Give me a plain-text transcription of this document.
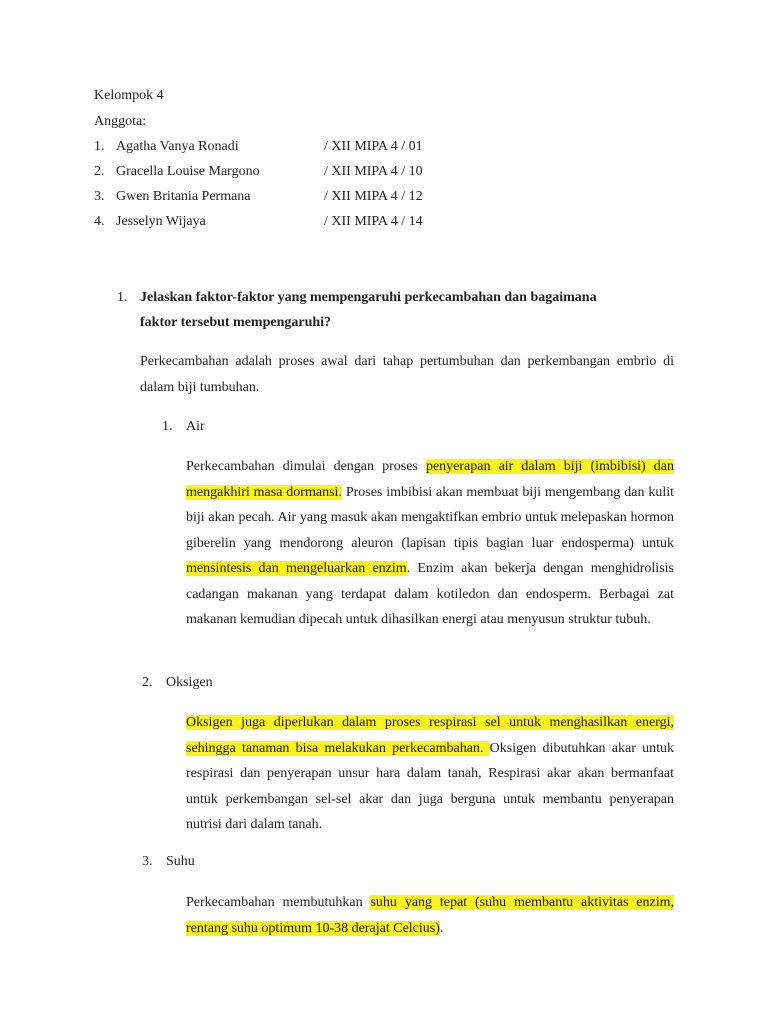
Kelompok 4
Anggota:
1. Agatha Vanya Ronadi	/ XII MIPA 4 / 01
2. Gracella Louise Margono	/ XII MIPA 4 / 10
3. Gwen Britania Permana	/ XII MIPA 4 / 12
4. Jesselyn Wijaya	/ XII MIPA 4 / 14
1. Jelaskan faktor-faktor yang mempengaruhi perkecambahan dan bagaimana
faktor tersebut mempengaruhi?

Perkecambahan adalah proses awal dari tahap pertumbuhan dan perkembangan embrio di dalam biji tumbuhan.

1. Air

Perkecambahan dimulai dengan proses penyerapan air dalam biji (imbibisi) dan mengakhiri masa dormansi. Proses imbibisi akan membuat biji mengembang dan kulit biji akan pecah. Air yang masuk akan mengaktifkan embrio untuk melepaskan hormon giberelin yang mendorong aleuron (lapisan tipis bagian luar endosperma) untuk mensintesis dan mengeluarkan enzim. Enzim akan bekerja dengan menghidrolisis cadangan makanan yang terdapat dalam kotiledon dan endosperm. Berbagai zat makanan kemudian dipecah untuk dihasilkan energi atau menyusun struktur tubuh.

2. Oksigen

Oksigen juga diperlukan dalam proses respirasi sel untuk menghasilkan energi, sehingga tanaman bisa melakukan perkecambahan. Oksigen dibutuhkan akar untuk respirasi dan penyerapan unsur hara dalam tanah, Respirasi akar akan bermanfaat untuk perkembangan sel-sel akar dan juga berguna untuk membantu penyerapan nutrisi dari dalam tanah.

3. Suhu

Perkecambahan membutuhkan suhu yang tepat (suhu membantu aktivitas enzim, rentang suhu optimum 10-38 derajat Celcius).
